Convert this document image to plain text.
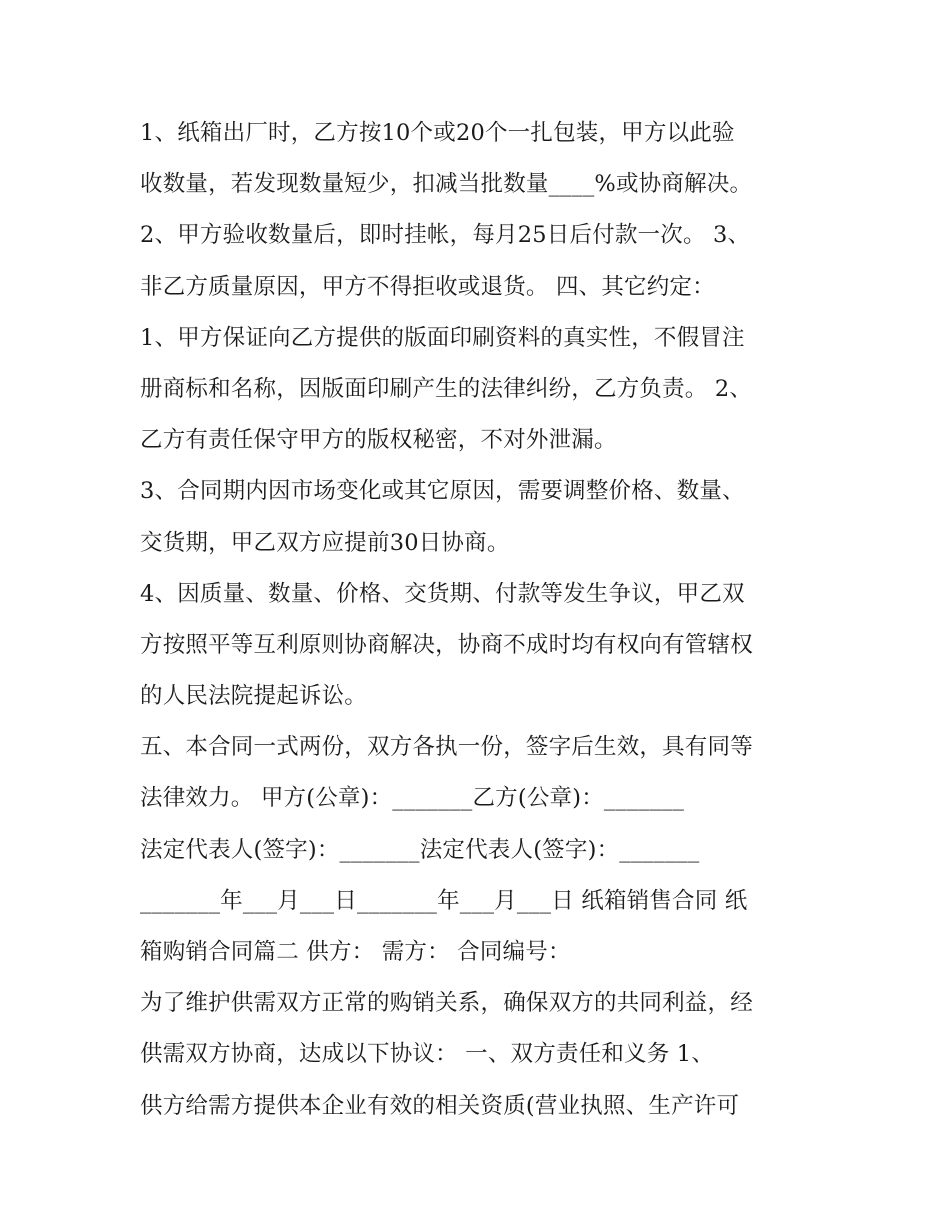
1、纸箱出厂时，乙方按10个或20个一扎包装，甲方以此验
收数量，若发现数量短少，扣减当批数量____%或协商解决。
2、甲方验收数量后，即时挂帐，每月25日后付款一次。 3、
非乙方质量原因，甲方不得拒收或退货。 四、其它约定：
1、甲方保证向乙方提供的版面印刷资料的真实性，不假冒注
册商标和名称，因版面印刷产生的法律纠纷，乙方负责。 2、
乙方有责任保守甲方的版权秘密，不对外泄漏。
3、合同期内因市场变化或其它原因，需要调整价格、数量、
交货期，甲乙双方应提前30日协商。
4、因质量、数量、价格、交货期、付款等发生争议，甲乙双
方按照平等互利原则协商解决，协商不成时均有权向有管辖权
的人民法院提起诉讼。
五、本合同一式两份，双方各执一份，签字后生效，具有同等
法律效力。 甲方(公章)：_______乙方(公章)：_______
法定代表人(签字)：_______法定代表人(签字)：_______
_______年___月___日_______年___月___日 纸箱销售合同 纸
箱购销合同篇二 供方： 需方： 合同编号：
为了维护供需双方正常的购销关系，确保双方的共同利益，经
供需双方协商，达成以下协议： 一、双方责任和义务 1、
供方给需方提供本企业有效的相关资质(营业执照、生产许可
